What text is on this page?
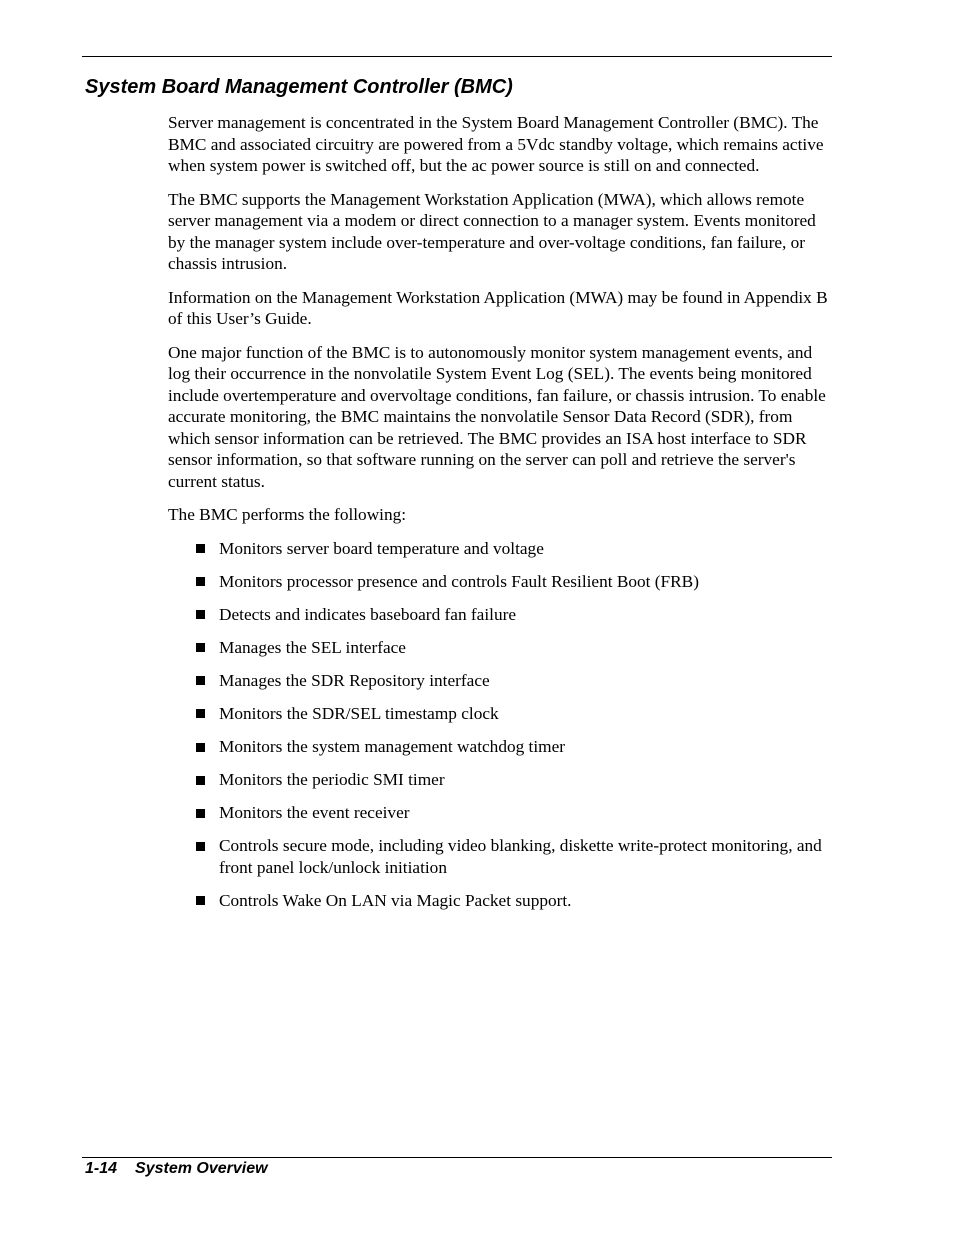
System Board Management Controller (BMC)

Server management is concentrated in the System Board Management Controller (BMC). The BMC and associated circuitry are powered from a 5Vdc standby voltage, which remains active when system power is switched off, but the ac power source is still on and connected.

The BMC supports the Management Workstation Application (MWA), which allows remote server management via a modem or direct connection to a manager system. Events monitored by the manager system include over-temperature and over-voltage conditions, fan failure, or chassis intrusion.

Information on the Management Workstation Application (MWA) may be found in Appendix B of this User’s Guide.

One major function of the BMC is to autonomously monitor system management events, and log their occurrence in the nonvolatile System Event Log (SEL). The events being monitored include overtemperature and overvoltage conditions, fan failure, or chassis intrusion. To enable accurate monitoring, the BMC maintains the nonvolatile Sensor Data Record (SDR), from which sensor information can be retrieved. The BMC provides an ISA host interface to SDR sensor information, so that software running on the server can poll and retrieve the server's current status.

The BMC performs the following:

Monitors server board temperature and voltage
Monitors processor presence and controls Fault Resilient Boot (FRB)
Detects and indicates baseboard fan failure
Manages the SEL interface
Manages the SDR Repository interface
Monitors the SDR/SEL timestamp clock
Monitors the system management watchdog timer
Monitors the periodic SMI timer
Monitors the event receiver
Controls secure mode, including video blanking, diskette write-protect monitoring, and front panel lock/unlock initiation
Controls Wake On LAN via Magic Packet support.
1-14 System Overview
